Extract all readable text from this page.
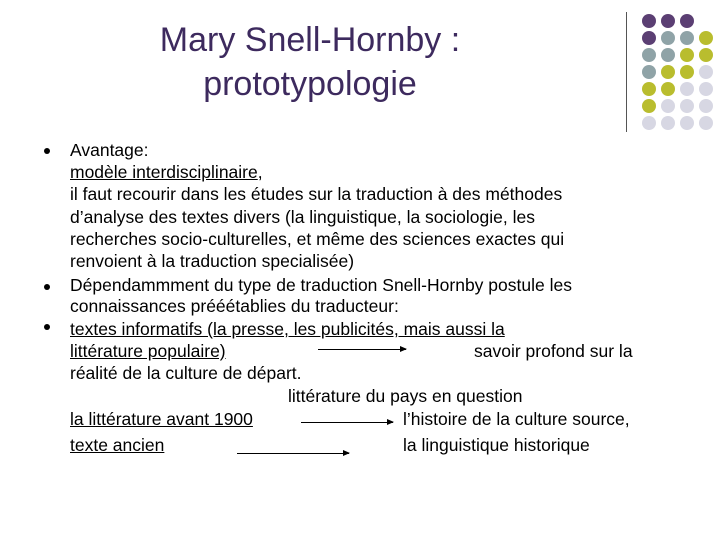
Mary Snell-Hornby :
prototypologie
Avantage:
modèle interdisciplinaire,
il faut recourir dans les études sur la traduction à des méthodes
d’analyse des textes divers (la linguistique, la sociologie, les
recherches socio-culturelles, et même des sciences exactes qui
renvoient à la traduction specialisée)
Dépendammment du type de traduction Snell-Hornby postule les
connaissances prééétablies du traducteur:
textes informatifs (la presse, les publicités, mais aussi la
littérature populaire)	savoir profond sur la
réalité de la culture de départ.
littérature du pays en question
la littérature avant 1900	l’histoire de la culture source,
texte ancien	la linguistique historique
